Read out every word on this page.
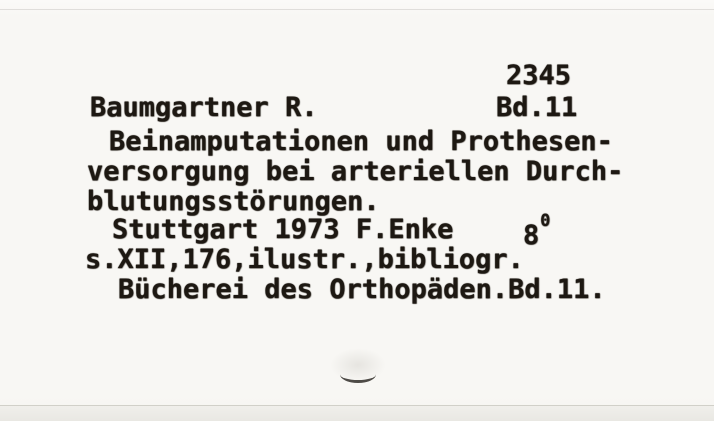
2345
Baumgartner R.	Bd.11
Beinamputationen und Prothesen-
versorgung bei arteriellen Durch-
blutungsstörungen.
Stuttgart 1973 F.Enke	$8^0$
s.XII,176,ilustr.,bibliogr.
Bücherei des Orthopäden.Bd.11.
